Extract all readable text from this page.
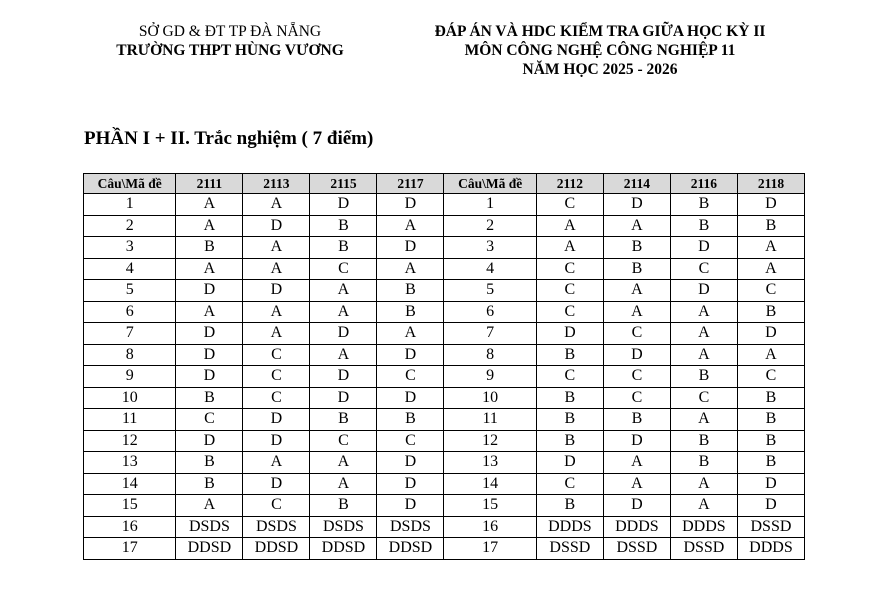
SỞ GD & ĐT TP ĐÀ NẴNG
TRƯỜNG THPT HÙNG VƯƠNG
ĐÁP ÁN VÀ HDC KIỂM TRA GIỮA HỌC KỲ II
MÔN CÔNG NGHỆ CÔNG NGHIỆP 11
NĂM HỌC 2025 - 2026
PHẦN I + II. Trắc nghiệm ( 7 điểm)
Câu\Mã đề	2111	2113	2115	2117	Câu\Mã đề	2112	2114	2116	2118
1	A	A	D	D	1	C	D	B	D
2	A	D	B	A	2	A	A	B	B
3	B	A	B	D	3	A	B	D	A
4	A	A	C	A	4	C	B	C	A
5	D	D	A	B	5	C	A	D	C
6	A	A	A	B	6	C	A	A	B
7	D	A	D	A	7	D	C	A	D
8	D	C	A	D	8	B	D	A	A
9	D	C	D	C	9	C	C	B	C
10	B	C	D	D	10	B	C	C	B
11	C	D	B	B	11	B	B	A	B
12	D	D	C	C	12	B	D	B	B
13	B	A	A	D	13	D	A	B	B
14	B	D	A	D	14	C	A	A	D
15	A	C	B	D	15	B	D	A	D
16	DSDS	DSDS	DSDS	DSDS	16	DDDS	DDDS	DDDS	DSSD
17	DDSD	DDSD	DDSD	DDSD	17	DSSD	DSSD	DSSD	DDDS
